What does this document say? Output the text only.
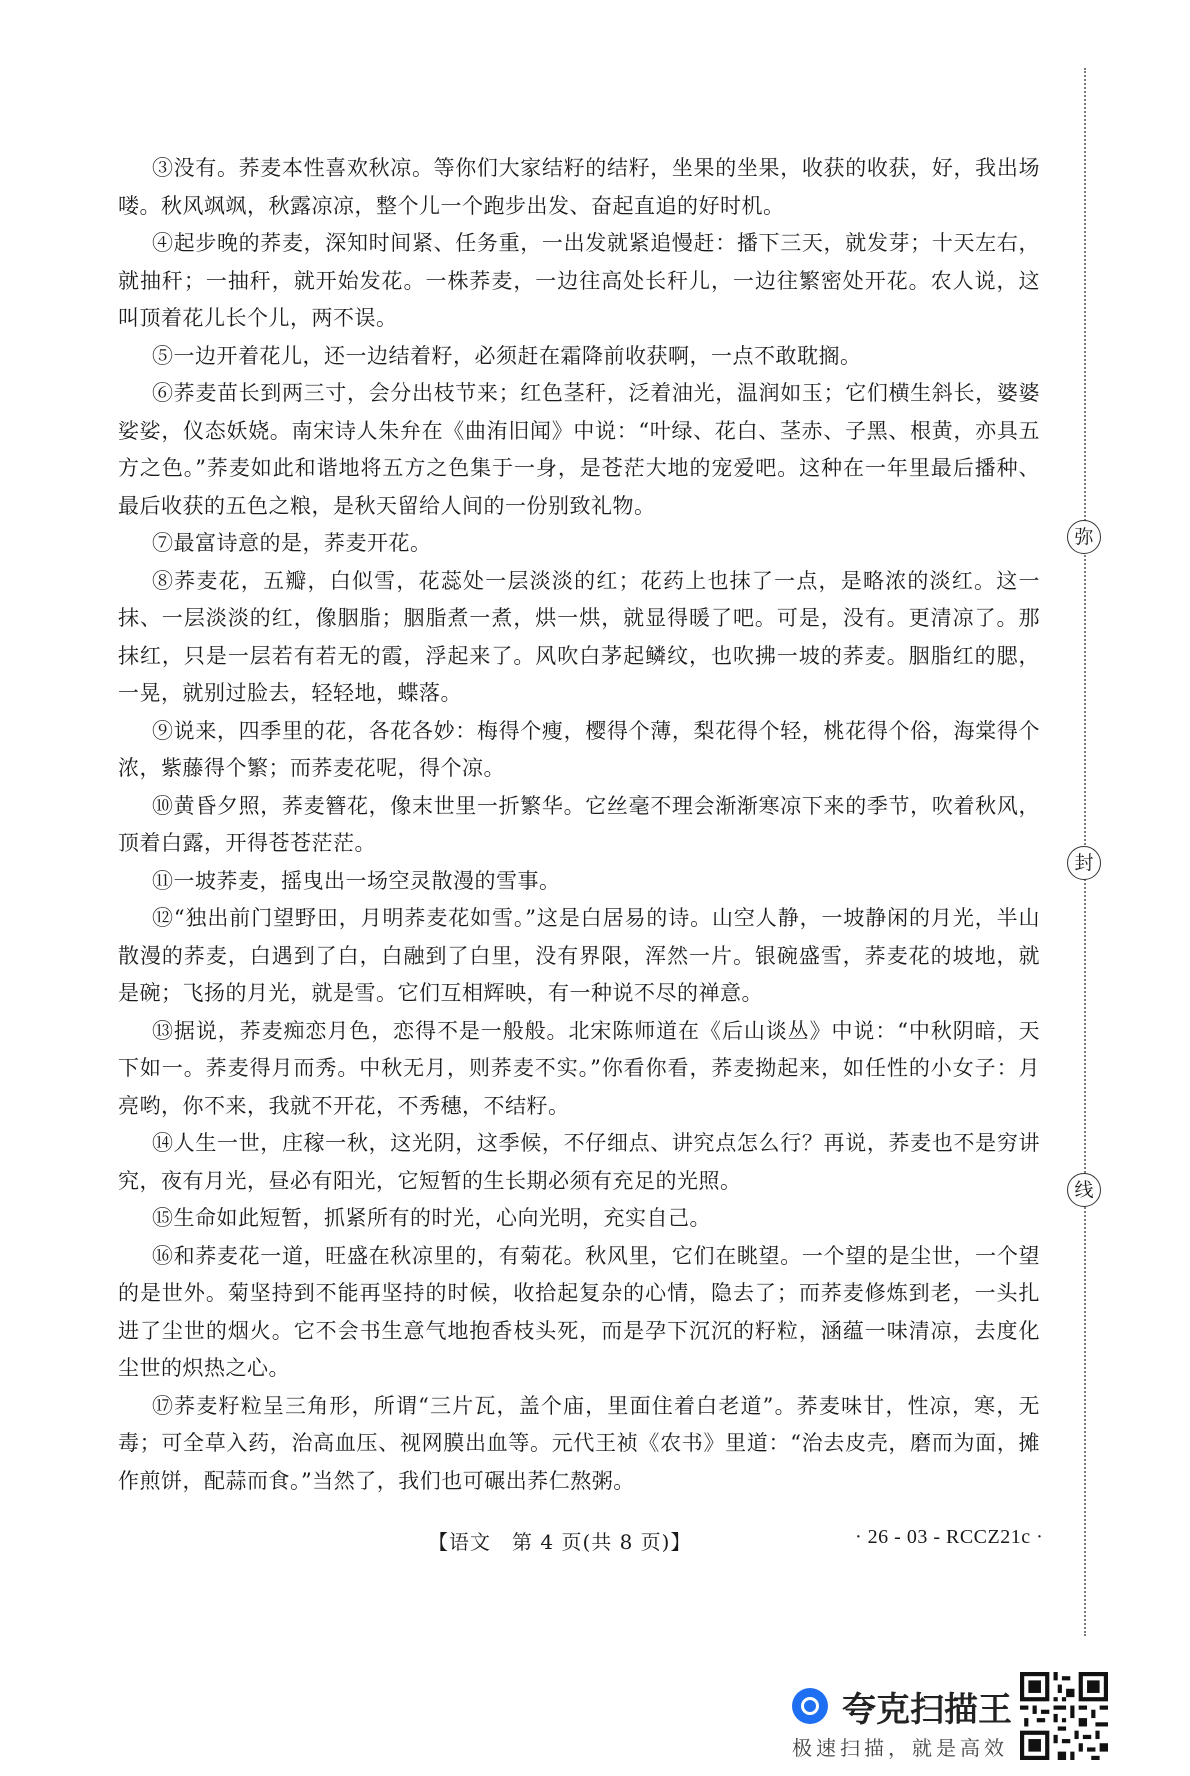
③没有。荞麦本性喜欢秋凉。等你们大家结籽的结籽，坐果的坐果，收获的收获，好，我出场喽。秋风飒飒，秋露凉凉，整个儿一个跑步出发、奋起直追的好时机。

④起步晚的荞麦，深知时间紧、任务重，一出发就紧追慢赶：播下三天，就发芽；十天左右，就抽秆；一抽秆，就开始发花。一株荞麦，一边往高处长秆儿，一边往繁密处开花。农人说，这叫顶着花儿长个儿，两不误。

⑤一边开着花儿，还一边结着籽，必须赶在霜降前收获啊，一点不敢耽搁。

⑥荞麦苗长到两三寸，会分出枝节来；红色茎秆，泛着油光，温润如玉；它们横生斜长，婆婆娑娑，仪态妖娆。南宋诗人朱弁在《曲洧旧闻》中说：“叶绿、花白、茎赤、子黑、根黄，亦具五方之色。”荞麦如此和谐地将五方之色集于一身，是苍茫大地的宠爱吧。这种在一年里最后播种、最后收获的五色之粮，是秋天留给人间的一份别致礼物。

⑦最富诗意的是，荞麦开花。

⑧荞麦花，五瓣，白似雪，花蕊处一层淡淡的红；花药上也抹了一点，是略浓的淡红。这一抹、一层淡淡的红，像胭脂；胭脂煮一煮，烘一烘，就显得暖了吧。可是，没有。更清凉了。那抹红，只是一层若有若无的霞，浮起来了。风吹白茅起鳞纹，也吹拂一坡的荞麦。胭脂红的腮，一晃，就别过脸去，轻轻地，蝶落。

⑨说来，四季里的花，各花各妙：梅得个瘦，樱得个薄，梨花得个轻，桃花得个俗，海棠得个浓，紫藤得个繁；而荞麦花呢，得个凉。

⑩黄昏夕照，荞麦簪花，像末世里一折繁华。它丝毫不理会渐渐寒凉下来的季节，吹着秋风，顶着白露，开得苍苍茫茫。

⑪一坡荞麦，摇曳出一场空灵散漫的雪事。

⑫“独出前门望野田，月明荞麦花如雪。”这是白居易的诗。山空人静，一坡静闲的月光，半山散漫的荞麦，白遇到了白，白融到了白里，没有界限，浑然一片。银碗盛雪，荞麦花的坡地，就是碗；飞扬的月光，就是雪。它们互相辉映，有一种说不尽的禅意。

⑬据说，荞麦痴恋月色，恋得不是一般般。北宋陈师道在《后山谈丛》中说：“中秋阴暗，天下如一。荞麦得月而秀。中秋无月，则荞麦不实。”你看你看，荞麦拗起来，如任性的小女子：月亮哟，你不来，我就不开花，不秀穗，不结籽。

⑭人生一世，庄稼一秋，这光阴，这季候，不仔细点、讲究点怎么行？再说，荞麦也不是穷讲究，夜有月光，昼必有阳光，它短暂的生长期必须有充足的光照。

⑮生命如此短暂，抓紧所有的时光，心向光明，充实自己。

⑯和荞麦花一道，旺盛在秋凉里的，有菊花。秋风里，它们在眺望。一个望的是尘世，一个望的是世外。菊坚持到不能再坚持的时候，收拾起复杂的心情，隐去了；而荞麦修炼到老，一头扎进了尘世的烟火。它不会书生意气地抱香枝头死，而是孕下沉沉的籽粒，涵蕴一味清凉，去度化尘世的炽热之心。

⑰荞麦籽粒呈三角形，所谓“三片瓦，盖个庙，里面住着白老道”。荞麦味甘，性凉，寒，无毒；可全草入药，治高血压、视网膜出血等。元代王祯《农书》里道：“治去皮壳，磨而为面，摊作煎饼，配蒜而食。”当然了，我们也可碾出荞仁熬粥。

【语文　第 4 页(共 8 页)】	· 26 - 03 - RCCZ21c ·
弥
封
线
夸克扫描王
极速扫描，就是高效
